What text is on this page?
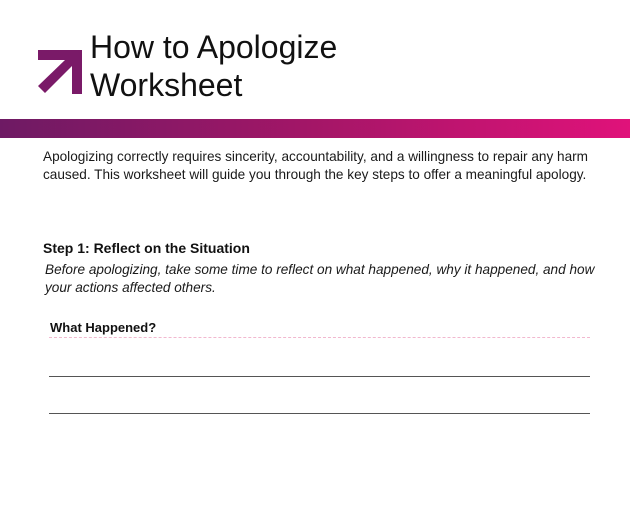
How to Apologize
Worksheet

Apologizing correctly requires sincerity, accountability, and a willingness to repair any harm caused. This worksheet will guide you through the key steps to offer a meaningful apology.

Step 1: Reflect on the Situation

Before apologizing, take some time to reflect on what happened, why it happened, and how your actions affected others.

What Happened?
